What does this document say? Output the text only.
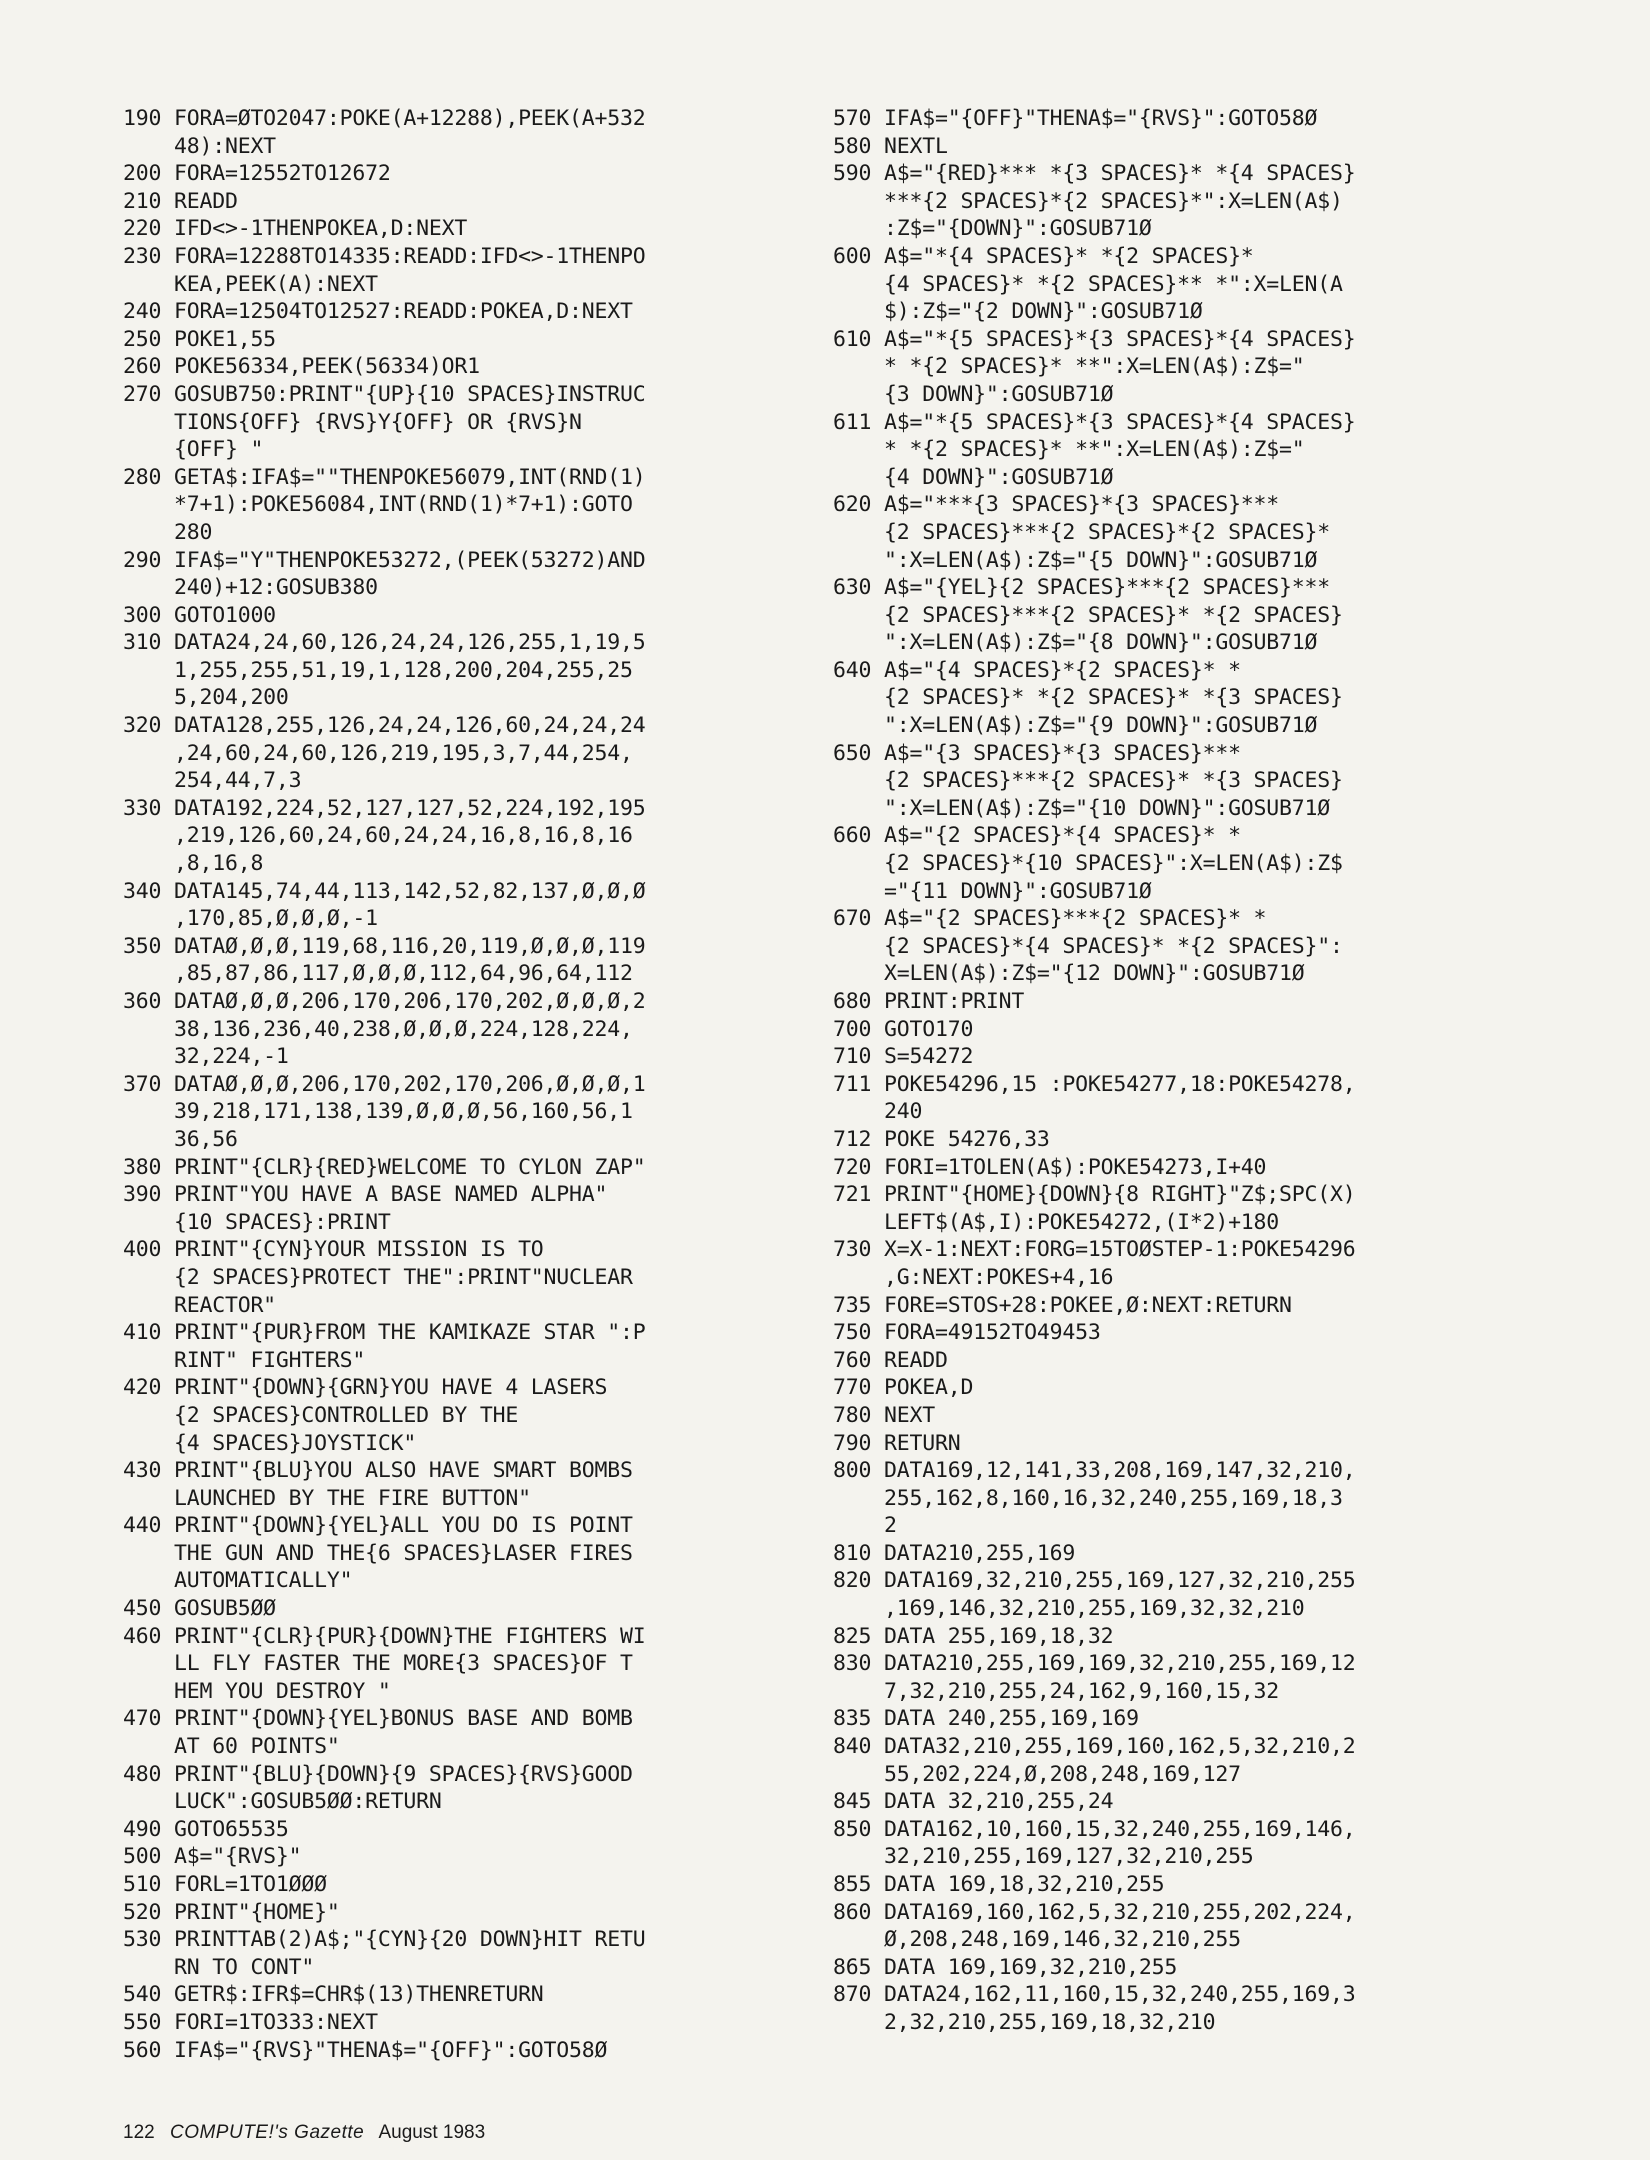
190 FORA=ØTO2047:POKE(A+12288),PEEK(A+532
48):NEXT
200 FORA=12552TO12672
210 READD
220 IFD<>-1THENPOKEA,D:NEXT
230 FORA=12288TO14335:READD:IFD<>-1THENPO
KEA,PEEK(A):NEXT
240 FORA=12504TO12527:READD:POKEA,D:NEXT
250 POKE1,55
260 POKE56334,PEEK(56334)OR1
270 GOSUB750:PRINT"{UP}{10 SPACES}INSTRUC
TIONS{OFF} {RVS}Y{OFF} OR {RVS}N
{OFF} "
280 GETA$:IFA$=""THENPOKE56079,INT(RND(1)
*7+1):POKE56084,INT(RND(1)*7+1):GOTO
280
290 IFA$="Y"THENPOKE53272,(PEEK(53272)AND
240)+12:GOSUB380
300 GOTO1000
310 DATA24,24,60,126,24,24,126,255,1,19,5
1,255,255,51,19,1,128,200,204,255,25
5,204,200
320 DATA128,255,126,24,24,126,60,24,24,24
,24,60,24,60,126,219,195,3,7,44,254,
254,44,7,3
330 DATA192,224,52,127,127,52,224,192,195
,219,126,60,24,60,24,24,16,8,16,8,16
,8,16,8
340 DATA145,74,44,113,142,52,82,137,Ø,Ø,Ø
,170,85,Ø,Ø,Ø,-1
350 DATAØ,Ø,Ø,119,68,116,20,119,Ø,Ø,Ø,119
,85,87,86,117,Ø,Ø,Ø,112,64,96,64,112
360 DATAØ,Ø,Ø,206,170,206,170,202,Ø,Ø,Ø,2
38,136,236,40,238,Ø,Ø,Ø,224,128,224,
32,224,-1
370 DATAØ,Ø,Ø,206,170,202,170,206,Ø,Ø,Ø,1
39,218,171,138,139,Ø,Ø,Ø,56,160,56,1
36,56
380 PRINT"{CLR}{RED}WELCOME TO CYLON ZAP"
390 PRINT"YOU HAVE A BASE NAMED ALPHA"
{10 SPACES}:PRINT
400 PRINT"{CYN}YOUR MISSION IS TO
{2 SPACES}PROTECT THE":PRINT"NUCLEAR
REACTOR"
410 PRINT"{PUR}FROM THE KAMIKAZE STAR ":P
RINT" FIGHTERS"
420 PRINT"{DOWN}{GRN}YOU HAVE 4 LASERS
{2 SPACES}CONTROLLED BY THE
{4 SPACES}JOYSTICK"
430 PRINT"{BLU}YOU ALSO HAVE SMART BOMBS
LAUNCHED BY THE FIRE BUTTON"
440 PRINT"{DOWN}{YEL}ALL YOU DO IS POINT
THE GUN AND THE{6 SPACES}LASER FIRES
AUTOMATICALLY"
450 GOSUB5ØØ
460 PRINT"{CLR}{PUR}{DOWN}THE FIGHTERS WI
LL FLY FASTER THE MORE{3 SPACES}OF T
HEM YOU DESTROY "
470 PRINT"{DOWN}{YEL}BONUS BASE AND BOMB
AT 60 POINTS"
480 PRINT"{BLU}{DOWN}{9 SPACES}{RVS}GOOD
LUCK":GOSUB5ØØ:RETURN
490 GOTO65535
500 A$="{RVS}"
510 FORL=1TO1ØØØ
520 PRINT"{HOME}"
530 PRINTTAB(2)A$;"{CYN}{20 DOWN}HIT RETU
RN TO CONT"
540 GETR$:IFR$=CHR$(13)THENRETURN
550 FORI=1TO333:NEXT
560 IFA$="{RVS}"THENA$="{OFF}":GOTO58Ø
570 IFA$="{OFF}"THENA$="{RVS}":GOTO58Ø
580 NEXTL
590 A$="{RED}*** *{3 SPACES}* *{4 SPACES}
***{2 SPACES}*{2 SPACES}*":X=LEN(A$)
:Z$="{DOWN}":GOSUB71Ø
600 A$="*{4 SPACES}* *{2 SPACES}*
{4 SPACES}* *{2 SPACES}** *":X=LEN(A
$):Z$="{2 DOWN}":GOSUB71Ø
610 A$="*{5 SPACES}*{3 SPACES}*{4 SPACES}
* *{2 SPACES}* **":X=LEN(A$):Z$="
{3 DOWN}":GOSUB71Ø
611 A$="*{5 SPACES}*{3 SPACES}*{4 SPACES}
* *{2 SPACES}* **":X=LEN(A$):Z$="
{4 DOWN}":GOSUB71Ø
620 A$="***{3 SPACES}*{3 SPACES}***
{2 SPACES}***{2 SPACES}*{2 SPACES}*
":X=LEN(A$):Z$="{5 DOWN}":GOSUB71Ø
630 A$="{YEL}{2 SPACES}***{2 SPACES}***
{2 SPACES}***{2 SPACES}* *{2 SPACES}
":X=LEN(A$):Z$="{8 DOWN}":GOSUB71Ø
640 A$="{4 SPACES}*{2 SPACES}* *
{2 SPACES}* *{2 SPACES}* *{3 SPACES}
":X=LEN(A$):Z$="{9 DOWN}":GOSUB71Ø
650 A$="{3 SPACES}*{3 SPACES}***
{2 SPACES}***{2 SPACES}* *{3 SPACES}
":X=LEN(A$):Z$="{10 DOWN}":GOSUB71Ø
660 A$="{2 SPACES}*{4 SPACES}* *
{2 SPACES}*{10 SPACES}":X=LEN(A$):Z$
="{11 DOWN}":GOSUB71Ø
670 A$="{2 SPACES}***{2 SPACES}* *
{2 SPACES}*{4 SPACES}* *{2 SPACES}":
X=LEN(A$):Z$="{12 DOWN}":GOSUB71Ø
680 PRINT:PRINT
700 GOTO170
710 S=54272
711 POKE54296,15 :POKE54277,18:POKE54278,
240
712 POKE 54276,33
720 FORI=1TOLEN(A$):POKE54273,I+40
721 PRINT"{HOME}{DOWN}{8 RIGHT}"Z$;SPC(X)
LEFT$(A$,I):POKE54272,(I*2)+180
730 X=X-1:NEXT:FORG=15TOØSTEP-1:POKE54296
,G:NEXT:POKES+4,16
735 FORE=STOS+28:POKEE,Ø:NEXT:RETURN
750 FORA=49152TO49453
760 READD
770 POKEA,D
780 NEXT
790 RETURN
800 DATA169,12,141,33,208,169,147,32,210,
255,162,8,160,16,32,240,255,169,18,3
2
810 DATA210,255,169
820 DATA169,32,210,255,169,127,32,210,255
,169,146,32,210,255,169,32,32,210
825 DATA 255,169,18,32
830 DATA210,255,169,169,32,210,255,169,12
7,32,210,255,24,162,9,160,15,32
835 DATA 240,255,169,169
840 DATA32,210,255,169,160,162,5,32,210,2
55,202,224,Ø,208,248,169,127
845 DATA 32,210,255,24
850 DATA162,10,160,15,32,240,255,169,146,
32,210,255,169,127,32,210,255
855 DATA 169,18,32,210,255
860 DATA169,160,162,5,32,210,255,202,224,
Ø,208,248,169,146,32,210,255
865 DATA 169,169,32,210,255
870 DATA24,162,11,160,15,32,240,255,169,3
2,32,210,255,169,18,32,210
122 COMPUTE!'s Gazette August 1983
